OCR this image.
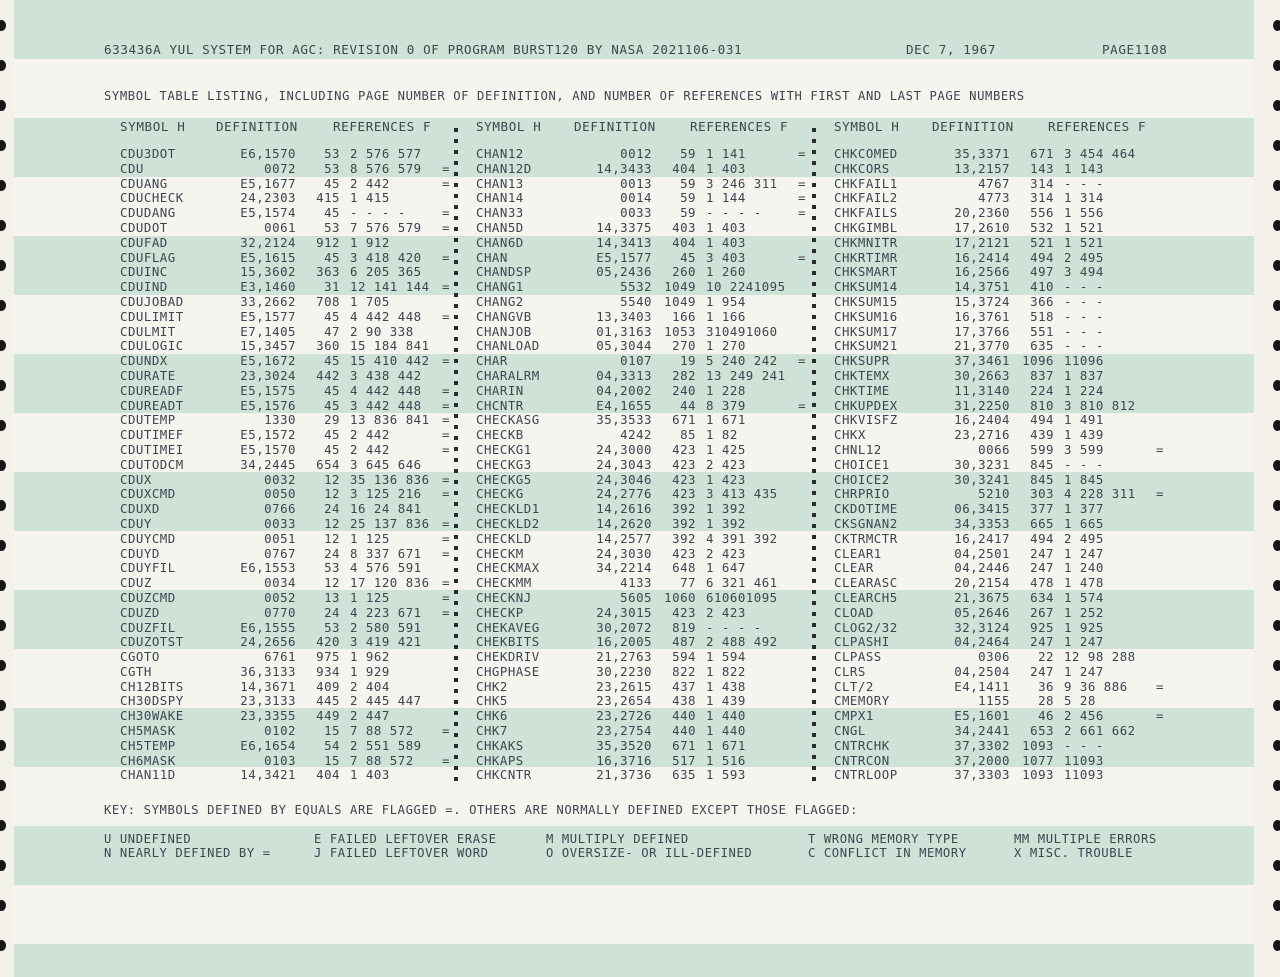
633436A YUL SYSTEM FOR AGC: REVISION 0 OF PROGRAM BURST120 BY NASA 2021106-031	DEC 7, 1967	PAGE1108
SYMBOL TABLE LISTING, INCLUDING PAGE NUMBER OF DEFINITION, AND NUMBER OF REFERENCES WITH FIRST AND LAST PAGE NUMBERS
SYMBOL H DEFINITION	REFERENCES F	SYMBOL H	DEFINITION	REFERENCES F	SYMBOL H	DEFINITION	REFERENCES F
CDU3DOT	E6,1570	53 2 576 577
CDU	0072	53 8 576 579 =
CDUANG	E5,1677	45 2 442	=
CDUCHECK	24,2303	415 1 415
CDUDANG	E5,1574	45 - - - -	=
CDUDOT	0061	53 7 576 579 =
CDUFAD	32,2124	912 1 912
CDUFLAG	E5,1615	45 3 418 420 =
CDUINC	15,3602	363 6 205 365
CDUIND	E3,1460	31 12 141 144 =
CDUJOBAD	33,2662	708 1 705
CDULIMIT	E5,1577	45 4 442 448 =
CDULMIT	E7,1405	47 2 90 338
CDULOGIC	15,3457	360 15 184 841
CDUNDX	E5,1672	45 15 410 442 =
CDURATE	23,3024	442 3 438 442
CDUREADF	E5,1575	45 4 442 448 =
CDUREADT	E5,1576	45 3 442 448 =
CDUTEMP	1330	29 13 836 841 =
CDUTIMEF	E5,1572	45 2 442	=
CDUTIMEI	E5,1570	45 2 442	=
CDUTODCM	34,2445	654 3 645 646
CDUX	0032	12 35 136 836 =
CDUXCMD	0050	12 3 125 216 =
CDUXD	0766	24 16 24 841
CDUY	0033	12 25 137 836 =
CDUYCMD	0051	12 1 125	=
CDUYD	0767	24 8 337 671 =
CDUYFIL	E6,1553	53 4 576 591
CDUZ	0034	12 17 120 836 =
CDUZCMD	0052	13 1 125	=
CDUZD	0770	24 4 223 671 =
CDUZFIL	E6,1555	53 2 580 591
CDUZOTST	24,2656	420 3 419 421
CGOTO	6761	975 1 962
CGTH	36,3133	934 1 929
CH12BITS	14,3671	409 2 404
CH30DSPY	23,3133	445 2 445 447
CH30WAKE	23,3355	449 2 447
CH5MASK	0102	15 7 88 572 =
CH5TEMP	E6,1654	54 2 551 589
CH6MASK	0103	15 7 88 572 =
CHAN11D	14,3421	404 1 403
CHAN12	0012	59 1 141	=
CHAN12D	14,3433	404 1 403
CHAN13	0013	59 3 246 311 =
CHAN14	0014	59 1 144	=
CHAN33	0033	59 - - - -	=
CHAN5D	14,3375	403 1 403
CHAN6D	14,3413	404 1 403
CHAN	E5,1577	45 3 403	=
CHANDSP	05,2436	260 1 260
CHANG1	5532 1049 10 2241095
CHANG2	5540 1049 1 954
CHANGVB	13,3403	166 1 166
CHANJOB	01,3163 1053 310491060
CHANLOAD	05,3044	270 1 270
CHAR	0107	19 5 240 242 =
CHARALRM	04,3313	282 13 249 241
CHARIN	04,2002	240 1 228
CHCNTR	E4,1655	44 8 379	=
CHECKASG	35,3533	671 1 671
CHECKB	4242	85 1 82
CHECKG1	24,3000	423 1 425
CHECKG3	24,3043	423 2 423
CHECKG5	24,3046	423 1 423
CHECKG	24,2776	423 3 413 435
CHECKLD1	14,2616	392 1 392
CHECKLD2	14,2620	392 1 392
CHECKLD	14,2577	392 4 391 392
CHECKM	24,3030	423 2 423
CHECKMAX	34,2214	648 1 647
CHECKMM	4133	77 6 321 461
CHECKNJ	5605 1060 610601095
CHECKP	24,3015	423 2 423
CHEKAVEG	30,2072	819 - - - -
CHEKBITS	16,2005	487 2 488 492
CHEKDRIV	21,2763	594 1 594
CHGPHASE	30,2230	822 1 822
CHK2	23,2615	437 1 438
CHK5	23,2654	438 1 439
CHK6	23,2726	440 1 440
CHK7	23,2754	440 1 440
CHKAKS	35,3520	671 1 671
CHKAPS	16,3716	517 1 516
CHKCNTR	21,3736	635 1 593
CHKCOMED	35,3371	671 3 454 464
CHKCORS	13,2157	143 1 143
CHKFAIL1	4767	314 - - -
CHKFAIL2	4773	314 1 314
CHKFAILS	20,2360	556 1 556
CHKGIMBL	17,2610	532 1 521
CHKMNITR	17,2121	521 1 521
CHKRTIMR	16,2414	494 2 495
CHKSMART	16,2566	497 3 494
CHKSUM14	14,3751	410 - - -
CHKSUM15	15,3724	366 - - -
CHKSUM16	16,3761	518 - - -
CHKSUM17	17,3766	551 - - -
CHKSUM21	21,3770	635 - - -
CHKSUPR	37,3461 1096 11096
CHKTEMX	30,2663	837 1 837
CHKTIME	11,3140	224 1 224
CHKUPDEX	31,2250	810 3 810 812
CHKVISFZ	16,2404	494 1 491
CHKX	23,2716	439 1 439
CHNL12	0066	599 3 599	=
CHOICE1	30,3231	845 - - -
CHOICE2	30,3241	845 1 845
CHRPRIO	5210	303 4 228 311 =
CKDOTIME	06,3415	377 1 377
CKSGNAN2	34,3353	665 1 665
CKTRMCTR	16,2417	494 2 495
CLEAR1	04,2501	247 1 247
CLEAR	04,2446	247 1 240
CLEARASC	20,2154	478 1 478
CLEARCH5	21,3675	634 1 574
CLOAD	05,2646	267 1 252
CLOG2/32	32,3124	925 1 925
CLPASHI	04,2464	247 1 247
CLPASS	0306	22 12 98 288
CLRS	04,2504	247 1 247
CLT/2	E4,1411	36 9 36 886 =
CMEMORY	1155	28 5 28
CMPX1	E5,1601	46 2 456	=
CNGL	34,2441	653 2 661 662
CNTRCHK	37,3302 1093 - - -
CNTRCON	37,2000 1077 11093
CNTRLOOP	37,3303 1093 11093
KEY: SYMBOLS DEFINED BY EQUALS ARE FLAGGED =. OTHERS ARE NORMALLY DEFINED EXCEPT THOSE FLAGGED:
U UNDEFINED
N NEARLY DEFINED BY =
E FAILED LEFTOVER ERASE
J FAILED LEFTOVER WORD
M MULTIPLY DEFINED
O OVERSIZE- OR ILL-DEFINED
T WRONG MEMORY TYPE
C CONFLICT IN MEMORY
MM MULTIPLE ERRORS
X MISC. TROUBLE
